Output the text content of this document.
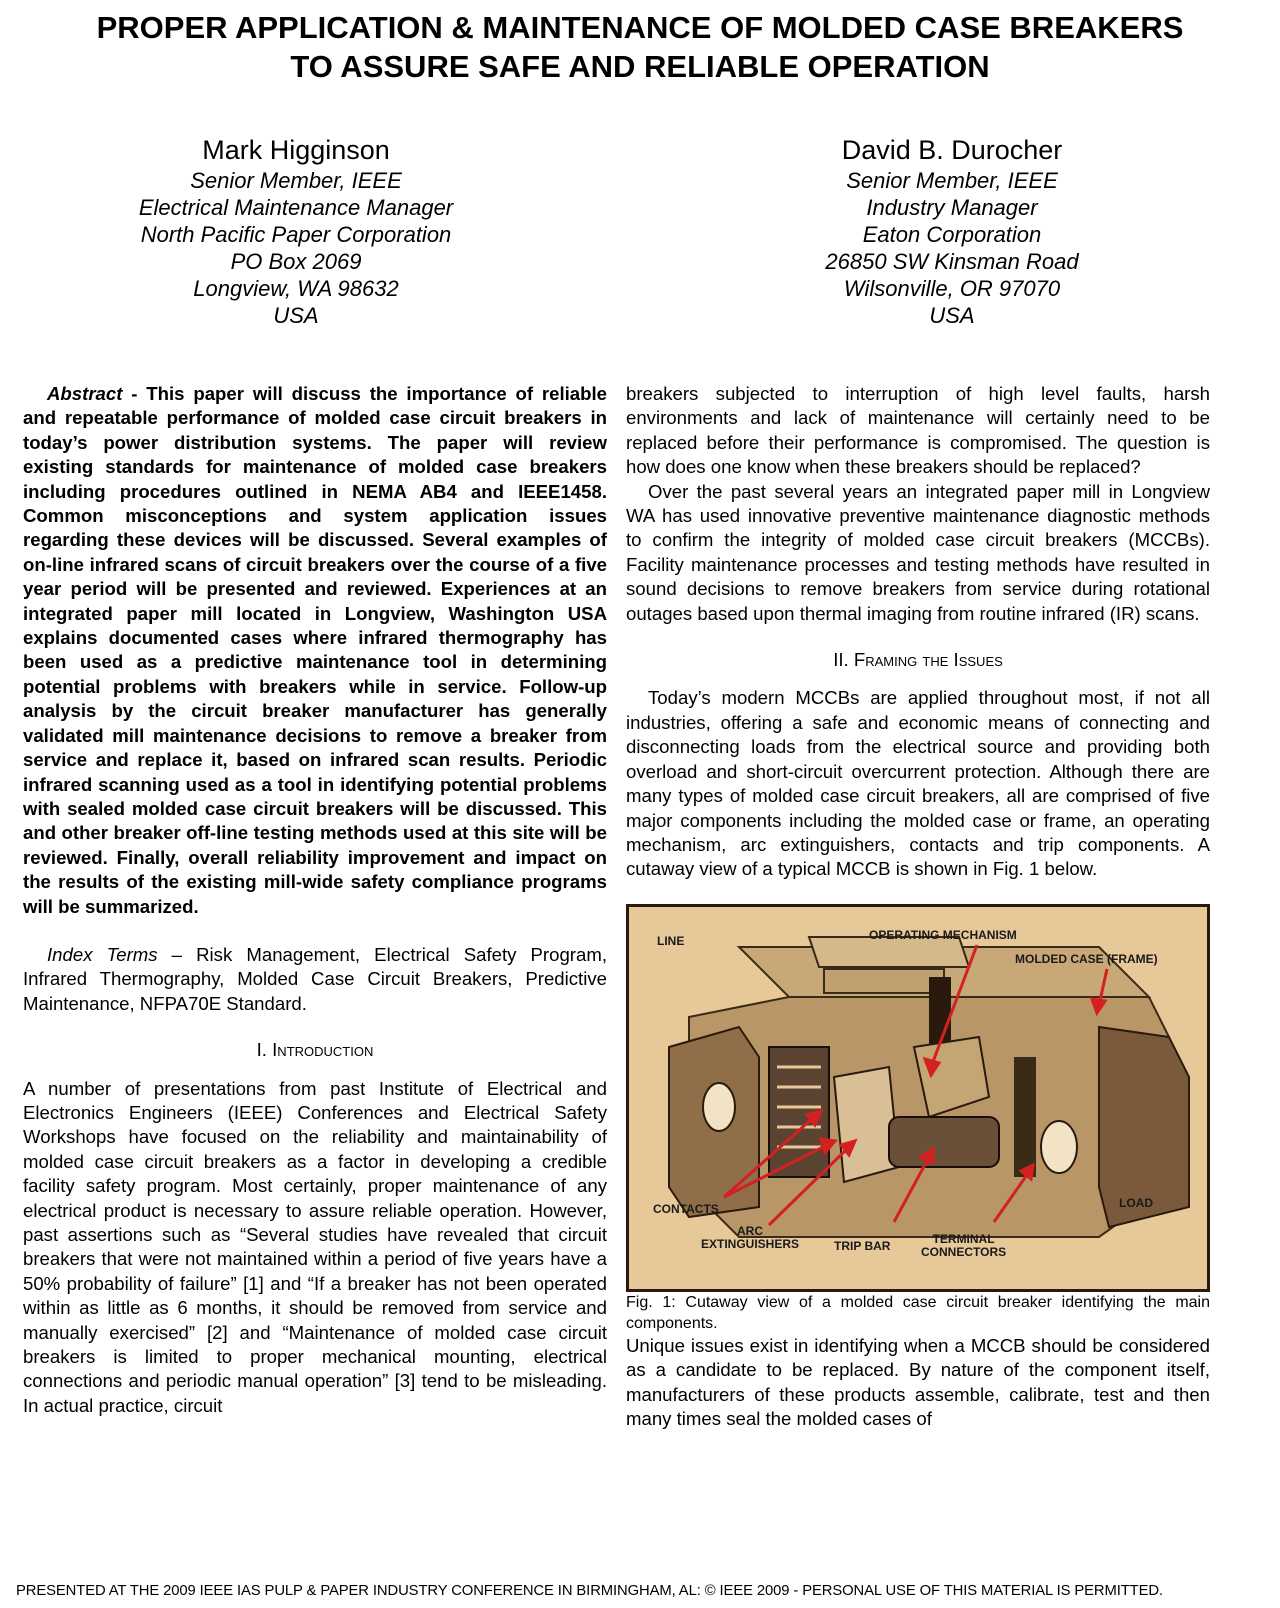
PROPER APPLICATION & MAINTENANCE OF MOLDED CASE BREAKERS
TO ASSURE SAFE AND RELIABLE OPERATION
Mark Higginson
Senior Member, IEEE
Electrical Maintenance Manager
North Pacific Paper Corporation
PO Box 2069
Longview, WA 98632
USA
David B. Durocher
Senior Member, IEEE
Industry Manager
Eaton Corporation
26850 SW Kinsman Road
Wilsonville, OR 97070
USA

Abstract - This paper will discuss the importance of reliable and repeatable performance of molded case circuit breakers in today’s power distribution systems. The paper will review existing standards for maintenance of molded case breakers including procedures outlined in NEMA AB4 and IEEE1458. Common misconceptions and system application issues regarding these devices will be discussed. Several examples of on-line infrared scans of circuit breakers over the course of a five year period will be presented and reviewed. Experiences at an integrated paper mill located in Longview, Washington USA explains documented cases where infrared thermography has been used as a predictive maintenance tool in determining potential problems with breakers while in service. Follow-up analysis by the circuit breaker manufacturer has generally validated mill maintenance decisions to remove a breaker from service and replace it, based on infrared scan results. Periodic infrared scanning used as a tool in identifying potential problems with sealed molded case circuit breakers will be discussed. This and other breaker off-line testing methods used at this site will be reviewed. Finally, overall reliability improvement and impact on the results of the existing mill-wide safety compliance programs will be summarized.

Index Terms – Risk Management, Electrical Safety Program, Infrared Thermography, Molded Case Circuit Breakers, Predictive Maintenance, NFPA70E Standard.

I. Introduction

A number of presentations from past Institute of Electrical and Electronics Engineers (IEEE) Conferences and Electrical Safety Workshops have focused on the reliability and maintainability of molded case circuit breakers as a factor in developing a credible facility safety program. Most certainly, proper maintenance of any electrical product is necessary to assure reliable operation. However, past assertions such as “Several studies have revealed that circuit breakers that were not maintained within a period of five years have a 50% probability of failure” [1] and “If a breaker has not been operated within as little as 6 months, it should be removed from service and manually exercised” [2] and “Maintenance of molded case circuit breakers is limited to proper mechanical mounting, electrical connections and periodic manual operation” [3] tend to be misleading. In actual practice, circuit

breakers subjected to interruption of high level faults, harsh environments and lack of maintenance will certainly need to be replaced before their performance is compromised. The question is how does one know when these breakers should be replaced?

Over the past several years an integrated paper mill in Longview WA has used innovative preventive maintenance diagnostic methods to confirm the integrity of molded case circuit breakers (MCCBs). Facility maintenance processes and testing methods have resulted in sound decisions to remove breakers from service during rotational outages based upon thermal imaging from routine infrared (IR) scans.

II. Framing the Issues

Today’s modern MCCBs are applied throughout most, if not all industries, offering a safe and economic means of connecting and disconnecting loads from the electrical source and providing both overload and short-circuit overcurrent protection. Although there are many types of molded case circuit breakers, all are comprised of five major components including the molded case or frame, an operating mechanism, arc extinguishers, contacts and trip components. A cutaway view of a typical MCCB is shown in Fig. 1 below.

LINE	OPERATING MECHANISM
MOLDED CASE (FRAME)
CONTACTS
ARC
EXTINGUISHERS	TRIP BAR	TERMINAL
CONNECTORS
LOAD

Fig. 1: Cutaway view of a molded case circuit breaker identifying the main components.

Unique issues exist in identifying when a MCCB should be considered as a candidate to be replaced. By nature of the component itself, manufacturers of these products assemble, calibrate, test and then many times seal the molded cases of

PRESENTED AT THE 2009 IEEE IAS PULP & PAPER INDUSTRY CONFERENCE IN BIRMINGHAM, AL: © IEEE 2009 - PERSONAL USE OF THIS MATERIAL IS PERMITTED.
